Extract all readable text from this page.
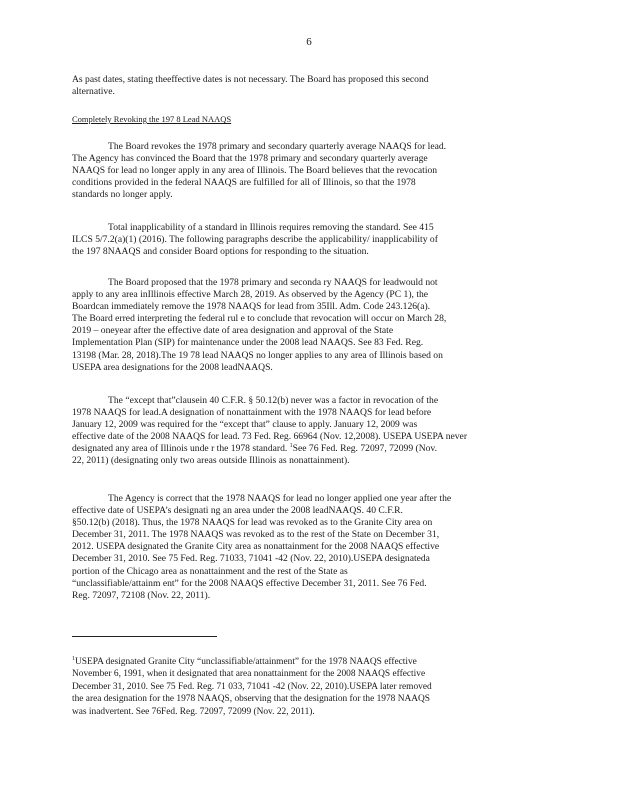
6
As past dates, stating theeffective dates is not necessary. The Board has proposed this second
alternative.
Completely Revoking the 197 8 Lead NAAQS
The Board revokes the 1978 primary and secondary quarterly average NAAQS for lead.
The Agency has convinced the Board that the 1978 primary and secondary quarterly average
NAAQS for lead no longer apply in any area of Illinois. The Board believes that the revocation
conditions provided in the federal NAAQS are fulfilled for all of Illinois, so that the 1978
standards no longer apply.
Total inapplicability of a standard in Illinois requires removing the standard. See 415
ILCS 5/7.2(a)(1) (2016). The following paragraphs describe the applicability/ inapplicability of
the 197 8NAAQS and consider Board options for responding to the situation.
The Board proposed that the 1978 primary and seconda ry NAAQS for leadwould not
apply to any area inIllinois effective March 28, 2019. As observed by the Agency (PC 1), the
Boardcan immediately remove the 1978 NAAQS for lead from 35Ill. Adm. Code 243.126(a).
The Board erred interpreting the federal rul e to conclude that revocation will occur on March 28,
2019 – oneyear after the effective date of area designation and approval of the State
Implementation Plan (SIP) for maintenance under the 2008 lead NAAQS. See 83 Fed. Reg.
13198 (Mar. 28, 2018).The 19 78 lead NAAQS no longer applies to any area of Illinois based on
USEPA area designations for the 2008 leadNAAQS.
The “except that”clausein 40 C.F.R. § 50.12(b) never was a factor in revocation of the
1978 NAAQS for lead.A designation of nonattainment with the 1978 NAAQS for lead before
January 12, 2009 was required for the “except that” clause to apply. January 12, 2009 was
effective date of the 2008 NAAQS for lead. 73 Fed. Reg. 66964 (Nov. 12,2008). USEPA USEPA never
designated any area of Illinois unde r the 1978 standard. $^1$See 76 Fed. Reg. 72097, 72099 (Nov.
22, 2011) (designating only two areas outside Illinois as nonattainment).
The Agency is correct that the 1978 NAAQS for lead no longer applied one year after the
effective date of USEPA’s designati ng an area under the 2008 leadNAAQS. 40 C.F.R.
§50.12(b) (2018). Thus, the 1978 NAAQS for lead was revoked as to the Granite City area on
December 31, 2011. The 1978 NAAQS was revoked as to the rest of the State on December 31,
2012. USEPA designated the Granite City area as nonattainment for the 2008 NAAQS effective
December 31, 2010. See 75 Fed. Reg. 71033, 71041 -42 (Nov. 22, 2010).USEPA designateda
portion of the Chicago area as nonattainment and the rest of the State as
“unclassifiable/attainm ent” for the 2008 NAAQS effective December 31, 2011. See 76 Fed.
Reg. 72097, 72108 (Nov. 22, 2011).
$^1$USEPA designated Granite City “unclassifiable/attainment” for the 1978 NAAQS effective
November 6, 1991, when it designated that area nonattainment for the 2008 NAAQS effective
December 31, 2010. See 75 Fed. Reg. 71 033, 71041 -42 (Nov. 22, 2010).USEPA later removed
the area designation for the 1978 NAAQS, observing that the designation for the 1978 NAAQS
was inadvertent. See 76Fed. Reg. 72097, 72099 (Nov. 22, 2011).
